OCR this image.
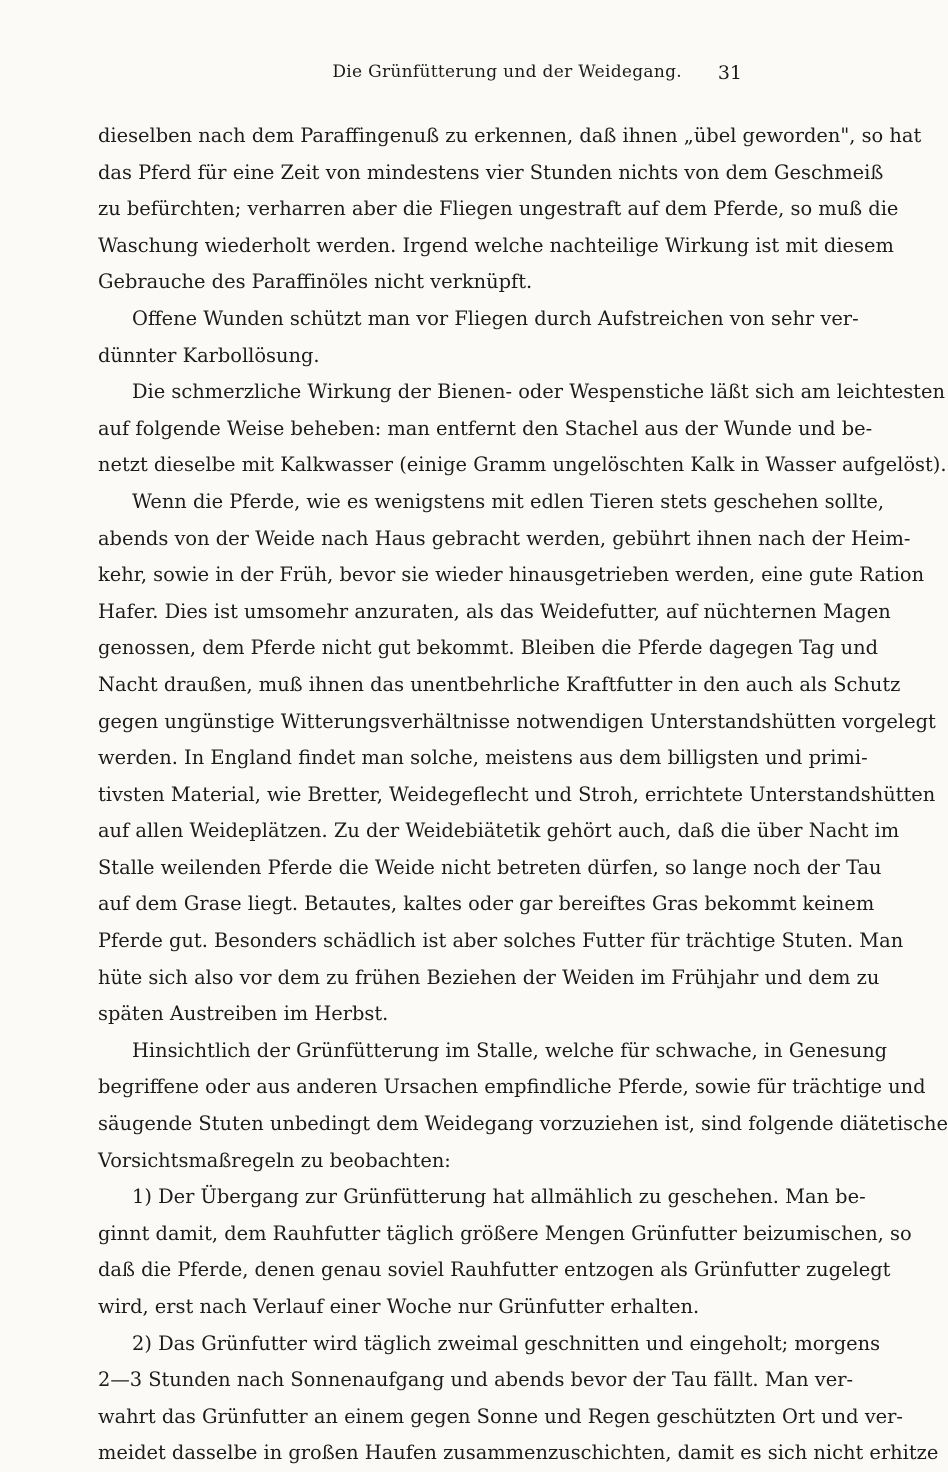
Die Grünfütterung und der Weidegang. 31

dieselben nach dem Paraffingenuß zu erkennen, daß ihnen „übel geworden", so hat
das Pferd für eine Zeit von mindestens vier Stunden nichts von dem Geschmeiß
zu befürchten; verharren aber die Fliegen ungestraft auf dem Pferde, so muß die
Waschung wiederholt werden. Irgend welche nachteilige Wirkung ist mit diesem
Gebrauche des Paraffinöles nicht verknüpft.

Offene Wunden schützt man vor Fliegen durch Aufstreichen von sehr ver-
dünnter Karbollösung.

Die schmerzliche Wirkung der Bienen- oder Wespenstiche läßt sich am leichtesten
auf folgende Weise beheben: man entfernt den Stachel aus der Wunde und be-
netzt dieselbe mit Kalkwasser (einige Gramm ungelöschten Kalk in Wasser aufgelöst).

Wenn die Pferde, wie es wenigstens mit edlen Tieren stets geschehen sollte,
abends von der Weide nach Haus gebracht werden, gebührt ihnen nach der Heim-
kehr, sowie in der Früh, bevor sie wieder hinausgetrieben werden, eine gute Ration
Hafer. Dies ist umsomehr anzuraten, als das Weidefutter, auf nüchternen Magen
genossen, dem Pferde nicht gut bekommt. Bleiben die Pferde dagegen Tag und
Nacht draußen, muß ihnen das unentbehrliche Kraftfutter in den auch als Schutz
gegen ungünstige Witterungsverhältnisse notwendigen Unterstandshütten vorgelegt
werden. In England findet man solche, meistens aus dem billigsten und primi-
tivsten Material, wie Bretter, Weidegeflecht und Stroh, errichtete Unterstandshütten
auf allen Weideplätzen. Zu der Weidebiätetik gehört auch, daß die über Nacht im
Stalle weilenden Pferde die Weide nicht betreten dürfen, so lange noch der Tau
auf dem Grase liegt. Betautes, kaltes oder gar bereiftes Gras bekommt keinem
Pferde gut. Besonders schädlich ist aber solches Futter für trächtige Stuten. Man
hüte sich also vor dem zu frühen Beziehen der Weiden im Frühjahr und dem zu
späten Austreiben im Herbst.

Hinsichtlich der Grünfütterung im Stalle, welche für schwache, in Genesung
begriffene oder aus anderen Ursachen empfindliche Pferde, sowie für trächtige und
säugende Stuten unbedingt dem Weidegang vorzuziehen ist, sind folgende diätetische
Vorsichtsmaßregeln zu beobachten:

1) Der Übergang zur Grünfütterung hat allmählich zu geschehen. Man be-
ginnt damit, dem Rauhfutter täglich größere Mengen Grünfutter beizumischen, so
daß die Pferde, denen genau soviel Rauhfutter entzogen als Grünfutter zugelegt
wird, erst nach Verlauf einer Woche nur Grünfutter erhalten.

2) Das Grünfutter wird täglich zweimal geschnitten und eingeholt; morgens
2—3 Stunden nach Sonnenaufgang und abends bevor der Tau fällt. Man ver-
wahrt das Grünfutter an einem gegen Sonne und Regen geschützten Ort und ver-
meidet dasselbe in großen Haufen zusammenzuschichten, damit es sich nicht erhitze
